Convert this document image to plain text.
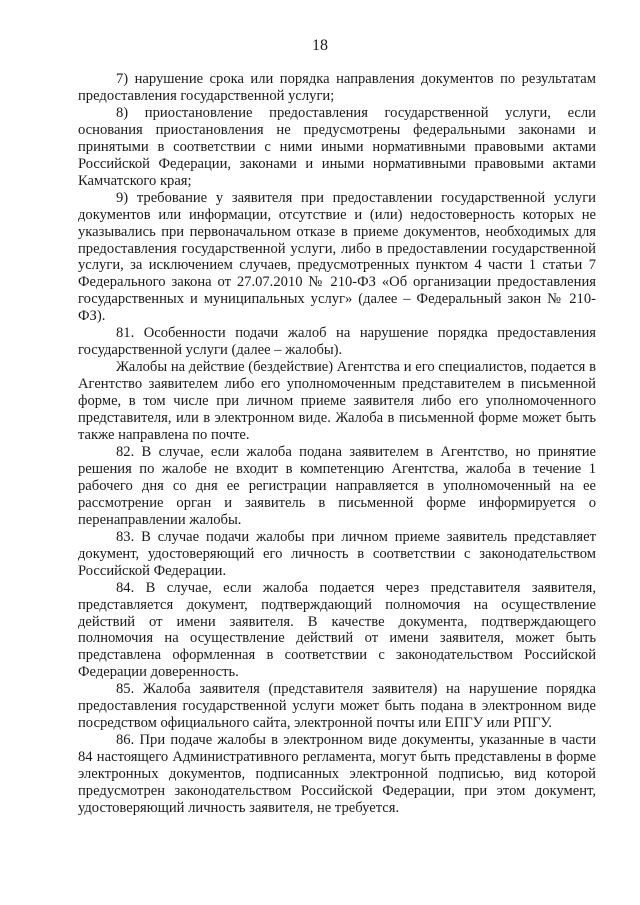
18

7) нарушение срока или порядка направления документов по результатам предоставления государственной услуги;

8) приостановление предоставления государственной услуги, если основания приостановления не предусмотрены федеральными законами и принятыми в соответствии с ними иными нормативными правовыми актами Российской Федерации, законами и иными нормативными правовыми актами Камчатского края;

9) требование у заявителя при предоставлении государственной услуги документов или информации, отсутствие и (или) недостоверность которых не указывались при первоначальном отказе в приеме документов, необходимых для предоставления государственной услуги, либо в предоставлении государственной услуги, за исключением случаев, предусмотренных пунктом 4 части 1 статьи 7 Федерального закона от 27.07.2010 № 210-ФЗ «Об организации предоставления государственных и муниципальных услуг» (далее – Федеральный закон № 210-ФЗ).

81. Особенности подачи жалоб на нарушение порядка предоставления государственной услуги (далее – жалобы).

Жалобы на действие (бездействие) Агентства и его специалистов, подается в Агентство заявителем либо его уполномоченным представителем в письменной форме, в том числе при личном приеме заявителя либо его уполномоченного представителя, или в электронном виде. Жалоба в письменной форме может быть также направлена по почте.

82. В случае, если жалоба подана заявителем в Агентство, но принятие решения по жалобе не входит в компетенцию Агентства, жалоба в течение 1 рабочего дня со дня ее регистрации направляется в уполномоченный на ее рассмотрение орган и заявитель в письменной форме информируется о перенаправлении жалобы.

83. В случае подачи жалобы при личном приеме заявитель представляет документ, удостоверяющий его личность в соответствии с законодательством Российской Федерации.

84. В случае, если жалоба подается через представителя заявителя, представляется документ, подтверждающий полномочия на осуществление действий от имени заявителя. В качестве документа, подтверждающего полномочия на осуществление действий от имени заявителя, может быть представлена оформленная в соответствии с законодательством Российской Федерации доверенность.

85. Жалоба заявителя (представителя заявителя) на нарушение порядка предоставления государственной услуги может быть подана в электронном виде посредством официального сайта, электронной почты или ЕПГУ или РПГУ.

86. При подаче жалобы в электронном виде документы, указанные в части 84 настоящего Административного регламента, могут быть представлены в форме электронных документов, подписанных электронной подписью, вид которой предусмотрен законодательством Российской Федерации, при этом документ, удостоверяющий личность заявителя, не требуется.
